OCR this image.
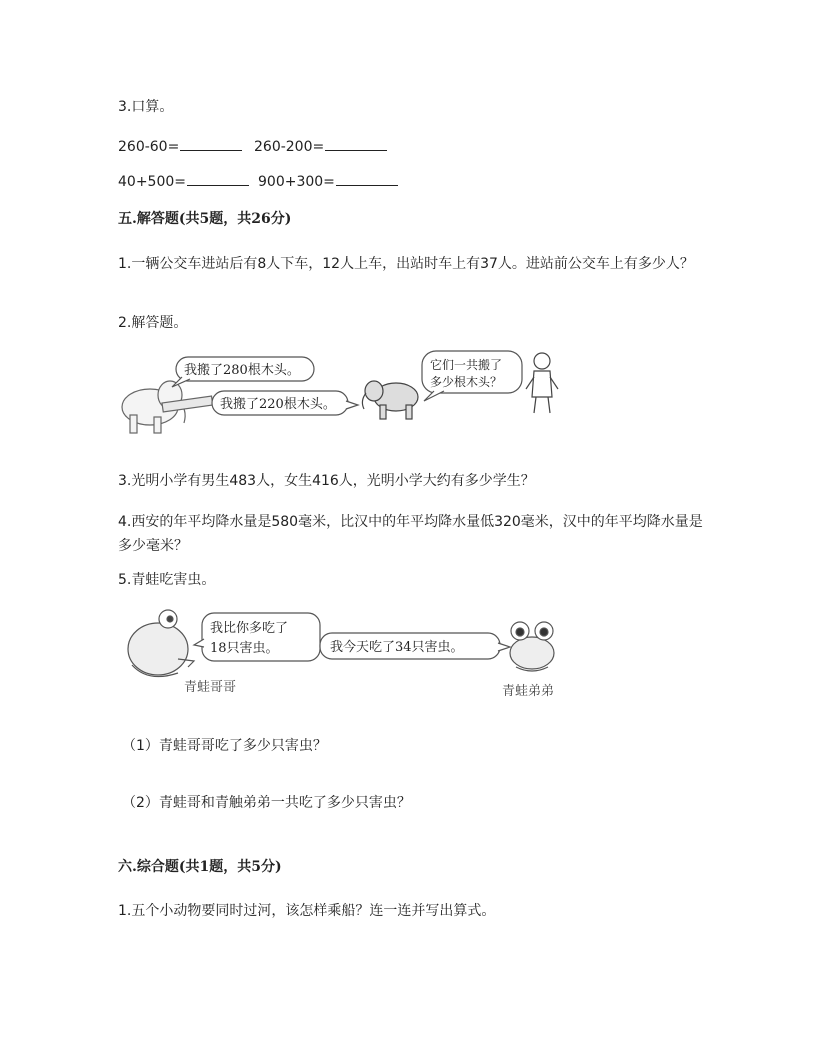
3.口算。
260-60=	260-200=
40+500=	900+300=
五.解答题(共5题，共26分)
1.一辆公交车进站后有8人下车，12人上车，出站时车上有37人。进站前公交车上有多少人？
2.解答题。
我搬了280根木头。
我搬了220根木头。
它们一共搬了
多少根木头？
3.光明小学有男生483人，女生416人，光明小学大约有多少学生？
4.西安的年平均降水量是580毫米，比汉中的年平均降水量低320毫米，汉中的年平均降水量是多少毫米？
5.青蛙吃害虫。
青蛙哥哥
我比你多吃了
18只害虫。	我今天吃了34只害虫。
青蛙弟弟
（1）青蛙哥哥吃了多少只害虫？
（2）青蛙哥和青触弟弟一共吃了多少只害虫？
六.综合题(共1题，共5分)
1.五个小动物要同时过河，该怎样乘船？连一连并写出算式。
